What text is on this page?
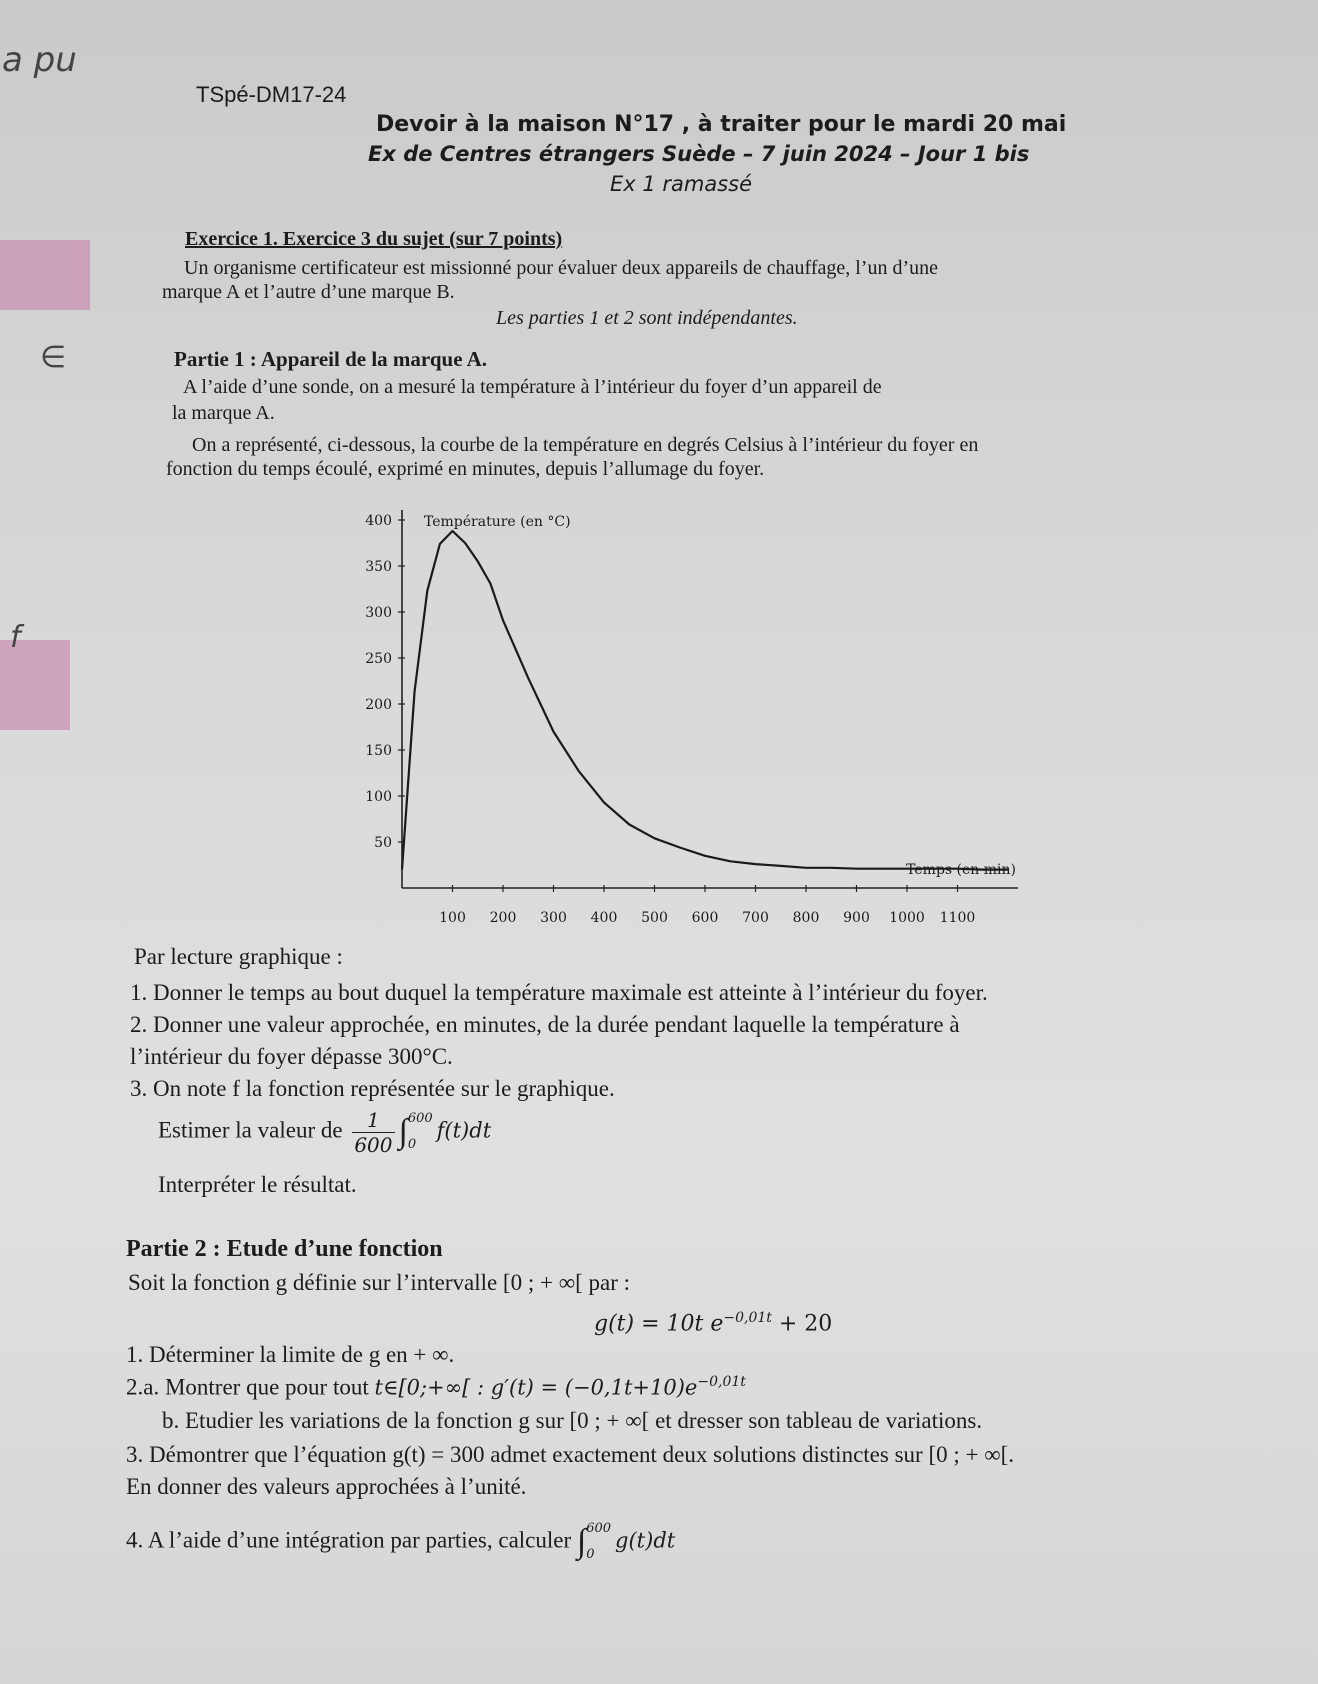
a pu
∈
f
TSpé-DM17-24
Devoir à la maison N°17 , à traiter pour le mardi 20 mai
Ex de Centres étrangers Suède – 7 juin 2024 – Jour 1 bis
Ex 1 ramassé
Exercice 1. Exercice 3 du sujet (sur 7 points)
Un organisme certificateur est missionné pour évaluer deux appareils de chauffage, l’un d’une
marque A et l’autre d’une marque B.
Les parties 1 et 2 sont indépendantes.
Partie 1 : Appareil de la marque A.
A l’aide d’une sonde, on a mesuré la température à l’intérieur du foyer d’un appareil de
la marque A.
On a représenté, ci-dessous, la courbe de la température en degrés Celsius à l’intérieur du foyer en
fonction du temps écoulé, exprimé en minutes, depuis l’allumage du foyer.
50
100
150
200
250
300
350
400
100 200 300 400 500 600 700 800 900 1000 1100
Température (en °C)
Temps (en min)
Par lecture graphique :
1. Donner le temps au bout duquel la température maximale est atteinte à l’intérieur du foyer.
2. Donner une valeur approchée, en minutes, de la durée pendant laquelle la température à
l’intérieur du foyer dépasse 300°C.
3. On note f la fonction représentée sur le graphique.
Estimer la valeur de $\frac{1}{600}$ ∫ 600
0
f(t)dt
Interpréter le résultat.
Partie 2 : Etude d’une fonction
Soit la fonction g définie sur l’intervalle [0 ; + ∞[ par :
g(t) = 10t $e^{-0,01t} + 20$
1. Déterminer la limite de g en + ∞.
2.a. Montrer que pour tout t∈[0;+∞[ : $g'(t) = (-0,1t+10)e^{-0,01t}$
b. Etudier les variations de la fonction g sur [0 ; + ∞[ et dresser son tableau de variations.
3. Démontrer que l’équation g(t) = 300 admet exactement deux solutions distinctes sur [0 ; + ∞[.
En donner des valeurs approchées à l’unité.
4. A l’aide d’une intégration par parties, calculer ∫ 600
0
g(t)dt
